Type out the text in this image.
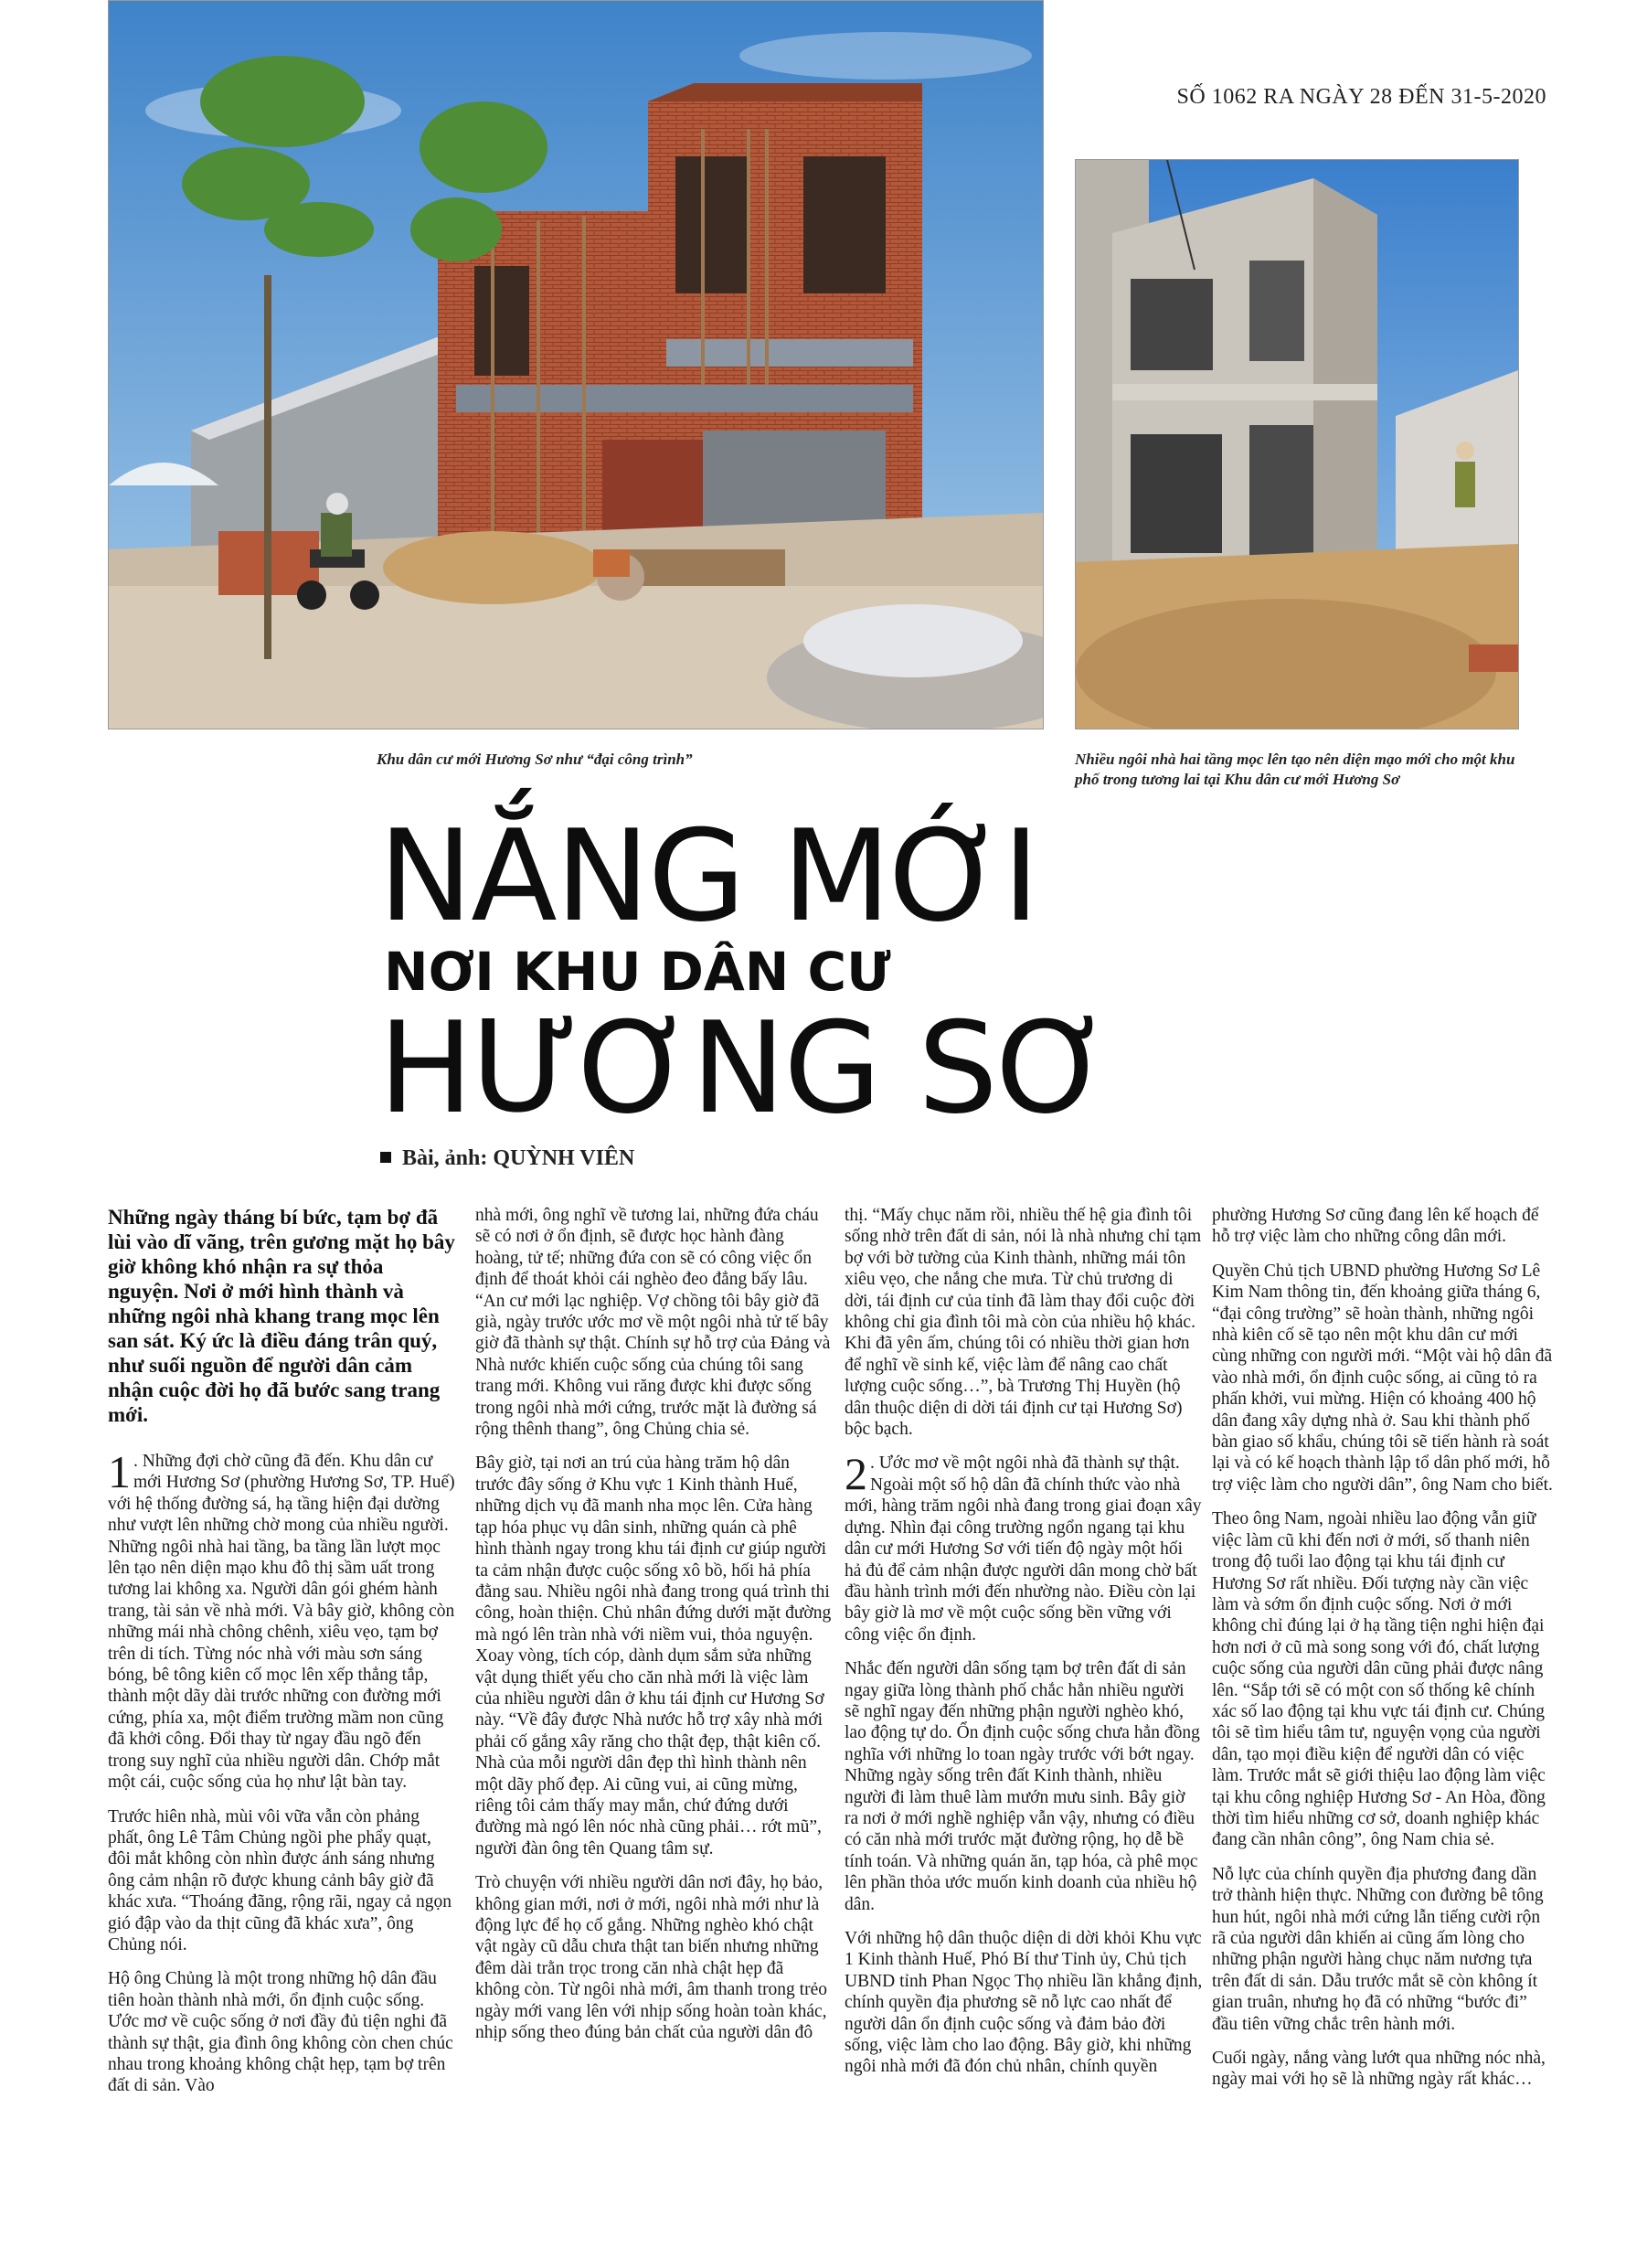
SỐ 1062 RA NGÀY 28 ĐẾN 31-5-2020
Khu dân cư mới Hương Sơ như “đại công trình”	Nhiều ngôi nhà hai tầng mọc lên tạo nên diện mạo mới cho một khu phố trong tương lai tại Khu dân cư mới Hương Sơ
NẮNG MỚI
NƠI KHU DÂN CƯ
HƯƠNG SƠ
Bài, ảnh: QUỲNH VIÊN

Những ngày tháng bí bức, tạm bợ đã lùi vào dĩ vãng, trên gương mặt họ bây giờ không khó nhận ra sự thỏa nguyện. Nơi ở mới hình thành và những ngôi nhà khang trang mọc lên san sát. Ký ức là điều đáng trân quý, như suối nguồn để người dân cảm nhận cuộc đời họ đã bước sang trang mới.

1 . Những đợi chờ cũng đã đến. Khu dân cư mới Hương Sơ (phường Hương Sơ, TP. Huế) với hệ thống đường sá, hạ tầng hiện đại dường như vượt lên những chờ mong của nhiều người. Những ngôi nhà hai tầng, ba tầng lần lượt mọc lên tạo nên diện mạo khu đô thị sầm uất trong tương lai không xa. Người dân gói ghém hành trang, tài sản về nhà mới. Và bây giờ, không còn những mái nhà chông chênh, xiêu vẹo, tạm bợ trên di tích. Từng nóc nhà với màu sơn sáng bóng, bê tông kiên cố mọc lên xếp thẳng tắp, thành một dãy dài trước những con đường mới cứng, phía xa, một điểm trường mầm non cũng đã khởi công. Đổi thay từ ngay đầu ngõ đến trong suy nghĩ của nhiều người dân. Chớp mắt một cái, cuộc sống của họ như lật bàn tay.

Trước hiên nhà, mùi vôi vữa vẫn còn phảng phất, ông Lê Tâm Chủng ngồi phe phẩy quạt, đôi mắt không còn nhìn được ánh sáng nhưng ông cảm nhận rõ được khung cảnh bây giờ đã khác xưa. “Thoáng đãng, rộng rãi, ngay cả ngọn gió đập vào da thịt cũng đã khác xưa”, ông Chủng nói.

Hộ ông Chủng là một trong những hộ dân đầu tiên hoàn thành nhà mới, ổn định cuộc sống. Ước mơ về cuộc sống ở nơi đầy đủ tiện nghi đã thành sự thật, gia đình ông không còn chen chúc nhau trong khoảng không chật hẹp, tạm bợ trên đất di sản. Vào

nhà mới, ông nghĩ về tương lai, những đứa cháu sẽ có nơi ở ổn định, sẽ được học hành đàng hoàng, tử tế; những đứa con sẽ có công việc ổn định để thoát khỏi cái nghèo đeo đẳng bấy lâu. “An cư mới lạc nghiệp. Vợ chồng tôi bây giờ đã già, ngày trước ước mơ về một ngôi nhà tử tế bây giờ đã thành sự thật. Chính sự hỗ trợ của Đảng và Nhà nước khiến cuộc sống của chúng tôi sang trang mới. Không vui răng được khi được sống trong ngôi nhà mới cứng, trước mặt là đường sá rộng thênh thang”, ông Chủng chia sẻ.

Bây giờ, tại nơi an trú của hàng trăm hộ dân trước đây sống ở Khu vực 1 Kinh thành Huế, những dịch vụ đã manh nha mọc lên. Cửa hàng tạp hóa phục vụ dân sinh, những quán cà phê hình thành ngay trong khu tái định cư giúp người ta cảm nhận được cuộc sống xô bồ, hối hả phía đằng sau. Nhiều ngôi nhà đang trong quá trình thi công, hoàn thiện. Chủ nhân đứng dưới mặt đường mà ngó lên tràn nhà với niềm vui, thỏa nguyện. Xoay vòng, tích cóp, dành dụm sắm sửa những vật dụng thiết yếu cho căn nhà mới là việc làm của nhiều người dân ở khu tái định cư Hương Sơ này. “Về đây được Nhà nước hỗ trợ xây nhà mới phải cố gắng xây răng cho thật đẹp, thật kiên cố. Nhà của mỗi người dân đẹp thì hình thành nên một dãy phố đẹp. Ai cũng vui, ai cũng mừng, riêng tôi cảm thấy may mắn, chứ đứng dưới đường mà ngó lên nóc nhà cũng phải… rớt mũ”, người đàn ông tên Quang tâm sự.

Trò chuyện với nhiều người dân nơi đây, họ bảo, không gian mới, nơi ở mới, ngôi nhà mới như là động lực để họ cố gắng. Những nghèo khó chật vật ngày cũ dẫu chưa thật tan biến nhưng những đêm dài trằn trọc trong căn nhà chật hẹp đã không còn. Từ ngôi nhà mới, âm thanh trong trẻo ngày mới vang lên với nhịp sống hoàn toàn khác, nhịp sống theo đúng bản chất của người dân đô

thị. “Mấy chục năm rồi, nhiều thế hệ gia đình tôi sống nhờ trên đất di sản, nói là nhà nhưng chỉ tạm bợ với bờ tường của Kinh thành, những mái tôn xiêu vẹo, che nắng che mưa. Từ chủ trương di dời, tái định cư của tỉnh đã làm thay đổi cuộc đời không chỉ gia đình tôi mà còn của nhiều hộ khác. Khi đã yên ấm, chúng tôi có nhiều thời gian hơn để nghĩ về sinh kế, việc làm để nâng cao chất lượng cuộc sống…”, bà Trương Thị Huyền (hộ dân thuộc diện di dời tái định cư tại Hương Sơ) bộc bạch.

2 . Ước mơ về một ngôi nhà đã thành sự thật. Ngoài một số hộ dân đã chính thức vào nhà mới, hàng trăm ngôi nhà đang trong giai đoạn xây dựng. Nhìn đại công trường ngổn ngang tại khu dân cư mới Hương Sơ với tiến độ ngày một hối hả đủ để cảm nhận được người dân mong chờ bất đầu hành trình mới đến nhường nào. Điều còn lại bây giờ là mơ về một cuộc sống bền vững với công việc ổn định.

Nhắc đến người dân sống tạm bợ trên đất di sản ngay giữa lòng thành phố chắc hẳn nhiều người sẽ nghĩ ngay đến những phận người nghèo khó, lao động tự do. Ổn định cuộc sống chưa hẳn đồng nghĩa với những lo toan ngày trước với bớt ngay. Những ngày sống trên đất Kinh thành, nhiều người đi làm thuê làm mướn mưu sinh. Bây giờ ra nơi ở mới nghề nghiệp vẫn vậy, nhưng có điều có căn nhà mới trước mặt đường rộng, họ dễ bề tính toán. Và những quán ăn, tạp hóa, cà phê mọc lên phần thỏa ước muốn kinh doanh của nhiều hộ dân.

Với những hộ dân thuộc diện di dời khỏi Khu vực 1 Kinh thành Huế, Phó Bí thư Tỉnh ủy, Chủ tịch UBND tỉnh Phan Ngọc Thọ nhiều lần khẳng định, chính quyền địa phương sẽ nỗ lực cao nhất để người dân ổn định cuộc sống và đảm bảo đời sống, việc làm cho lao động. Bây giờ, khi những ngôi nhà mới đã đón chủ nhân, chính quyền

phường Hương Sơ cũng đang lên kế hoạch để hỗ trợ việc làm cho những công dân mới.

Quyền Chủ tịch UBND phường Hương Sơ Lê Kim Nam thông tin, đến khoảng giữa tháng 6, “đại công trường” sẽ hoàn thành, những ngôi nhà kiên cố sẽ tạo nên một khu dân cư mới cùng những con người mới. “Một vài hộ dân đã vào nhà mới, ổn định cuộc sống, ai cũng tỏ ra phấn khởi, vui mừng. Hiện có khoảng 400 hộ dân đang xây dựng nhà ở. Sau khi thành phố bàn giao số khẩu, chúng tôi sẽ tiến hành rà soát lại và có kế hoạch thành lập tổ dân phố mới, hỗ trợ việc làm cho người dân”, ông Nam cho biết.

Theo ông Nam, ngoài nhiều lao động vẫn giữ việc làm cũ khi đến nơi ở mới, số thanh niên trong độ tuổi lao động tại khu tái định cư Hương Sơ rất nhiều. Đối tượng này cần việc làm và sớm ổn định cuộc sống. Nơi ở mới không chỉ đúng lại ở hạ tầng tiện nghi hiện đại hơn nơi ở cũ mà song song với đó, chất lượng cuộc sống của người dân cũng phải được nâng lên. “Sắp tới sẽ có một con số thống kê chính xác số lao động tại khu vực tái định cư. Chúng tôi sẽ tìm hiểu tâm tư, nguyện vọng của người dân, tạo mọi điều kiện để người dân có việc làm. Trước mắt sẽ giới thiệu lao động làm việc tại khu công nghiệp Hương Sơ - An Hòa, đồng thời tìm hiểu những cơ sở, doanh nghiệp khác đang cần nhân công”, ông Nam chia sẻ.

Nỗ lực của chính quyền địa phương đang dần trở thành hiện thực. Những con đường bê tông hun hút, ngôi nhà mới cứng lẫn tiếng cười rộn rã của người dân khiến ai cũng ấm lòng cho những phận người hàng chục năm nương tựa trên đất di sản. Dẫu trước mắt sẽ còn không ít gian truân, nhưng họ đã có những “bước đi” đầu tiên vững chắc trên hành mới.

Cuối ngày, nắng vàng lướt qua những nóc nhà, ngày mai với họ sẽ là những ngày rất khác…
